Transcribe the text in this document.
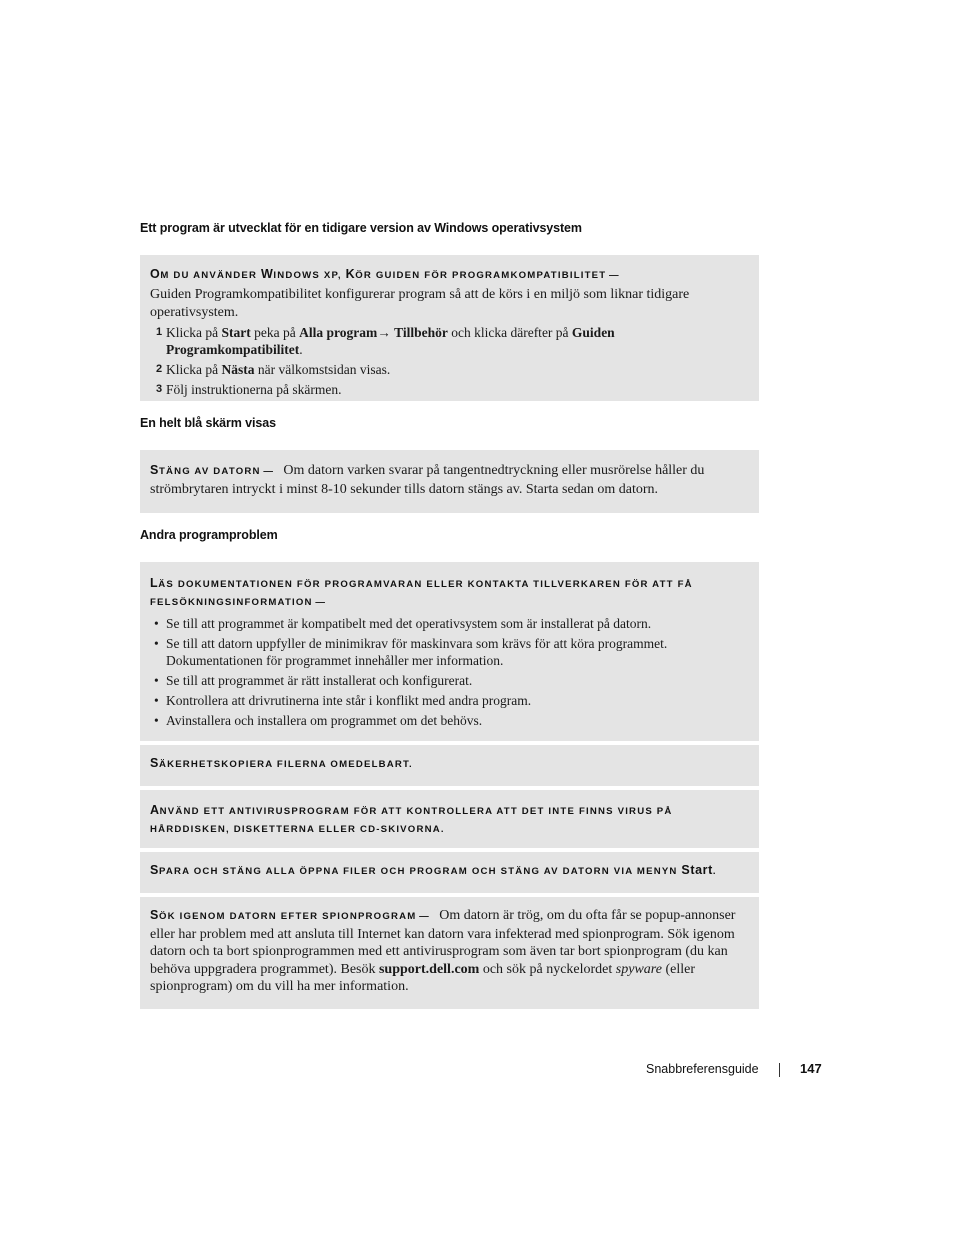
Ett program är utvecklat för en tidigare version av Windows operativsystem
OM DU ANVÄNDER WINDOWS XP, KÖR GUIDEN FÖR PROGRAMKOMPATIBILITET —
Guiden Programkompatibilitet konfigurerar program så att de körs i en miljö som liknar tidigare operativsystem.
1 Klicka på Start peka på Alla program→ Tillbehör och klicka därefter på Guiden Programkompatibilitet.
2 Klicka på Nästa när välkomstsidan visas.
3 Följ instruktionerna på skärmen.
En helt blå skärm visas
STÄNG AV DATORN — Om datorn varken svarar på tangentnedtryckning eller musrörelse håller du strömbrytaren intryckt i minst 8-10 sekunder tills datorn stängs av. Starta sedan om datorn.
Andra programproblem
LÄS DOKUMENTATIONEN FÖR PROGRAMVARAN ELLER KONTAKTA TILLVERKAREN FÖR ATT FÅ FELSÖKNINGSINFORMATION —
• Se till att programmet är kompatibelt med det operativsystem som är installerat på datorn.
• Se till att datorn uppfyller de minimikrav för maskinvara som krävs för att köra programmet. Dokumentationen för programmet innehåller mer information.
• Se till att programmet är rätt installerat och konfigurerat.
• Kontrollera att drivrutinerna inte står i konflikt med andra program.
• Avinstallera och installera om programmet om det behövs.
SÄKERHETSKOPIERA FILERNA OMEDELBART.
ANVÄND ETT ANTIVIRUSPROGRAM FÖR ATT KONTROLLERA ATT DET INTE FINNS VIRUS PÅ HÅRDDISKEN, DISKETTERNA ELLER CD-SKIVORNA.
SPARA OCH STÄNG ALLA ÖPPNA FILER OCH PROGRAM OCH STÄNG AV DATORN VIA MENYN Start.
SÖK IGENOM DATORN EFTER SPIONPROGRAM — Om datorn är trög, om du ofta får se popup-annonser eller har problem med att ansluta till Internet kan datorn vara infekterad med spionprogram. Sök igenom datorn och ta bort spionprogrammen med ett antivirusprogram som även tar bort spionprogram (du kan behöva uppgradera programmet). Besök support.dell.com och sök på nyckelordet spyware (eller spionprogram) om du vill ha mer information.
Snabbreferensguide	147
